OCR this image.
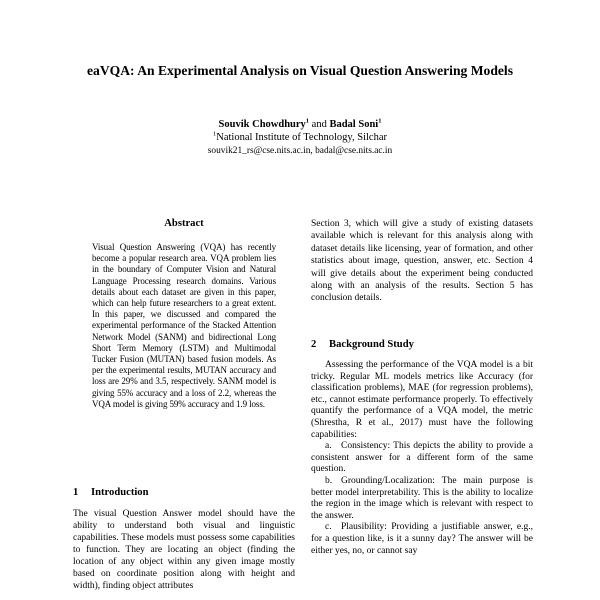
eaVQA: An Experimental Analysis on Visual Question Answering Models
Souvik Chowdhury$^1$ and Badal Soni$^1$
$^1$National Institute of Technology, Silchar
souvik21_rs@cse.nits.ac.in, badal@cse.nits.ac.in
Abstract
Visual Question Answering (VQA) has recently become a popular research area. VQA problem lies in the boundary of Computer Vision and Natural Language Processing research domains. Various details about each dataset are given in this paper, which can help future researchers to a great extent. In this paper, we discussed and compared the experimental performance of the Stacked Attention Network Model (SANM) and bidirectional Long Short Term Memory (LSTM) and Multimodal Tucker Fusion (MUTAN) based fusion models. As per the experimental results, MUTAN accuracy and loss are 29% and 3.5, respectively. SANM model is giving 55% accuracy and a loss of 2.2, whereas the VQA model is giving 59% accuracy and 1.9 loss.
1 Introduction
The visual Question Answer model should have the ability to understand both visual and linguistic capabilities. These models must possess some capabilities to function. They are locating an object (finding the location of any object within any given image mostly based on coordinate position along with height and width), finding object attributes
Section 3, which will give a study of existing datasets available which is relevant for this analysis along with dataset details like licensing, year of formation, and other statistics about image, question, answer, etc. Section 4 will give details about the experiment being conducted along with an analysis of the results. Section 5 has conclusion details.
2 Background Study

Assessing the performance of the VQA model is a bit tricky. Regular ML models metrics like Accuracy (for classification problems), MAE (for regression problems), etc., cannot estimate performance properly. To effectively quantify the performance of a VQA model, the metric (Shrestha, R et al., 2017) must have the following capabilities:

a. Consistency: This depicts the ability to provide a consistent answer for a different form of the same question.

b. Grounding/Localization: The main purpose is better model interpretability. This is the ability to localize the region in the image which is relevant with respect to the answer.

c. Plausibility: Providing a justifiable answer, e.g., for a question like, is it a sunny day? The answer will be either yes, no, or cannot say
